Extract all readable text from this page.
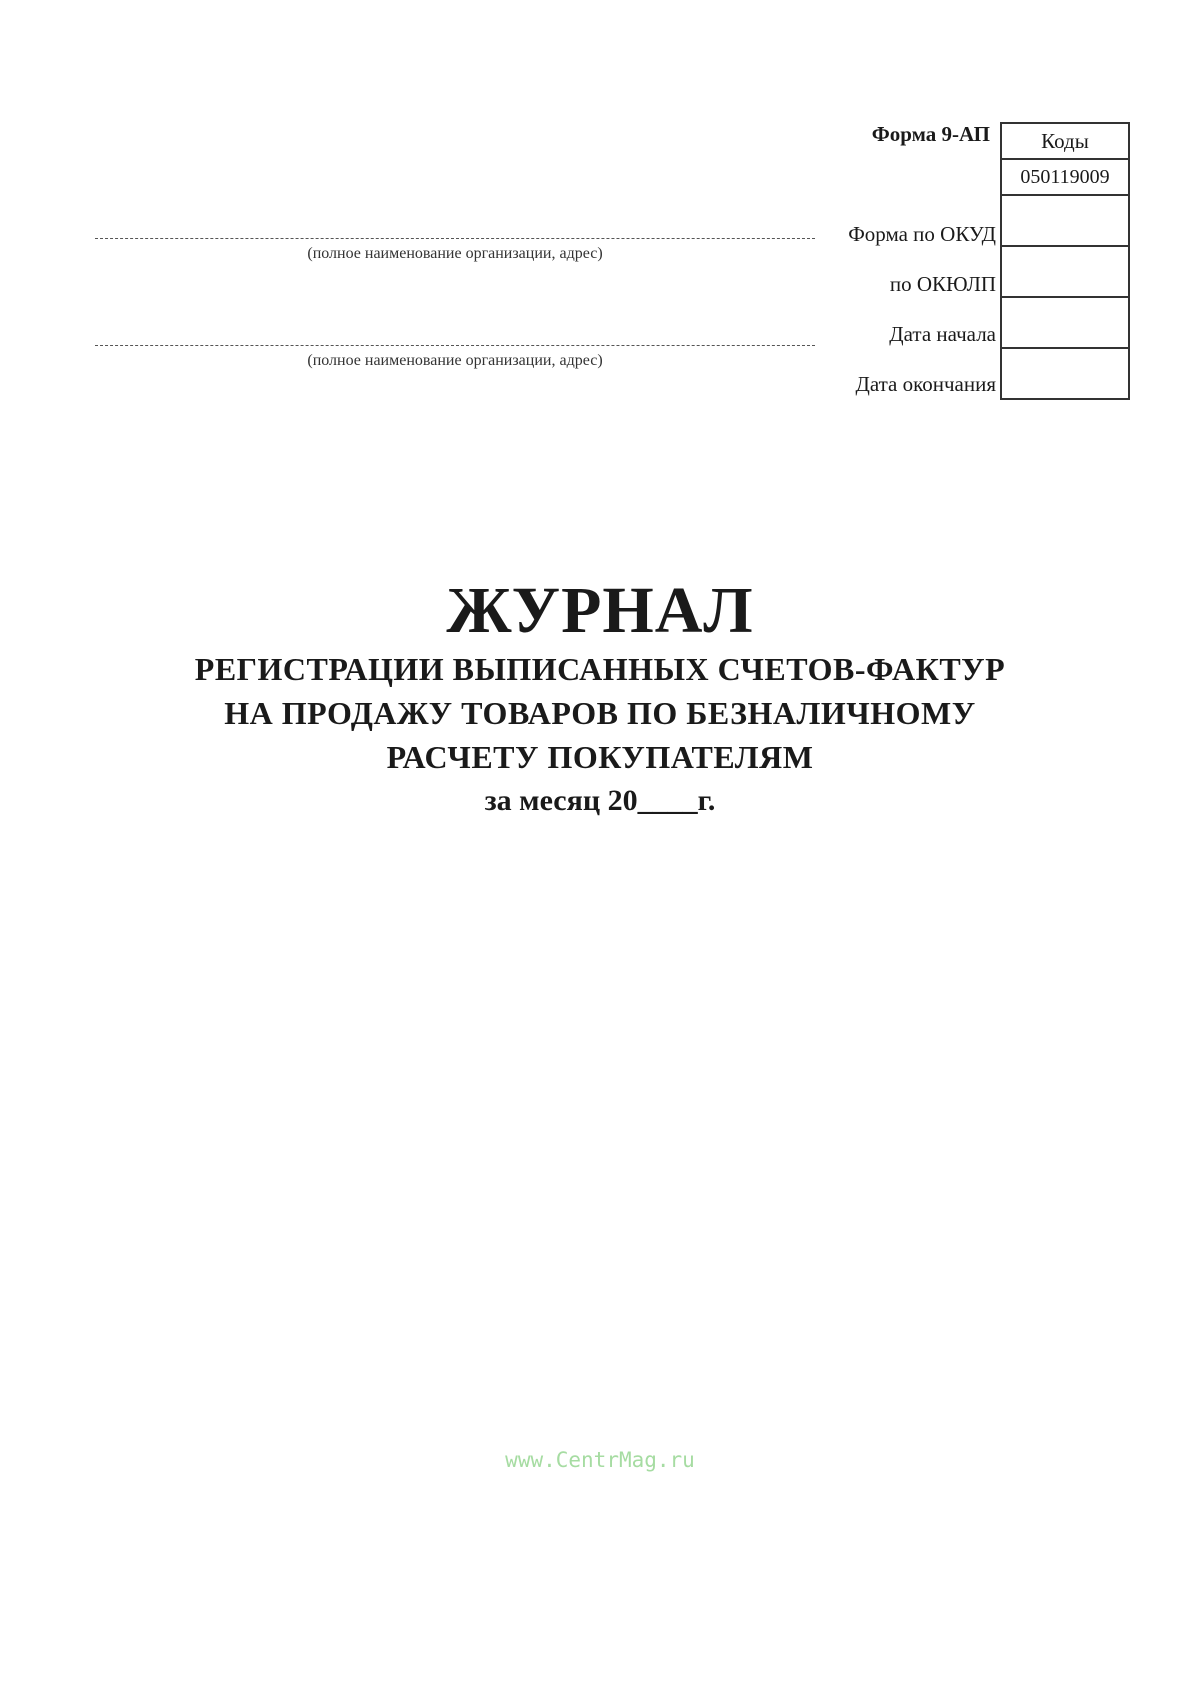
Форма 9-АП Коды
050119009

Форма по ОКУД
по ОКЮЛП
Дата начала
Дата окончания
(полное наименование организации, адрес)
(полное наименование организации, адрес)
ЖУРНАЛ
РЕГИСТРАЦИИ ВЫПИСАННЫХ СЧЕТОВ-ФАКТУР
НА ПРОДАЖУ ТОВАРОВ ПО БЕЗНАЛИЧНОМУ
РАСЧЕТУ ПОКУПАТЕЛЯМ
за месяц 20____г.
www.CentrMag.ru
